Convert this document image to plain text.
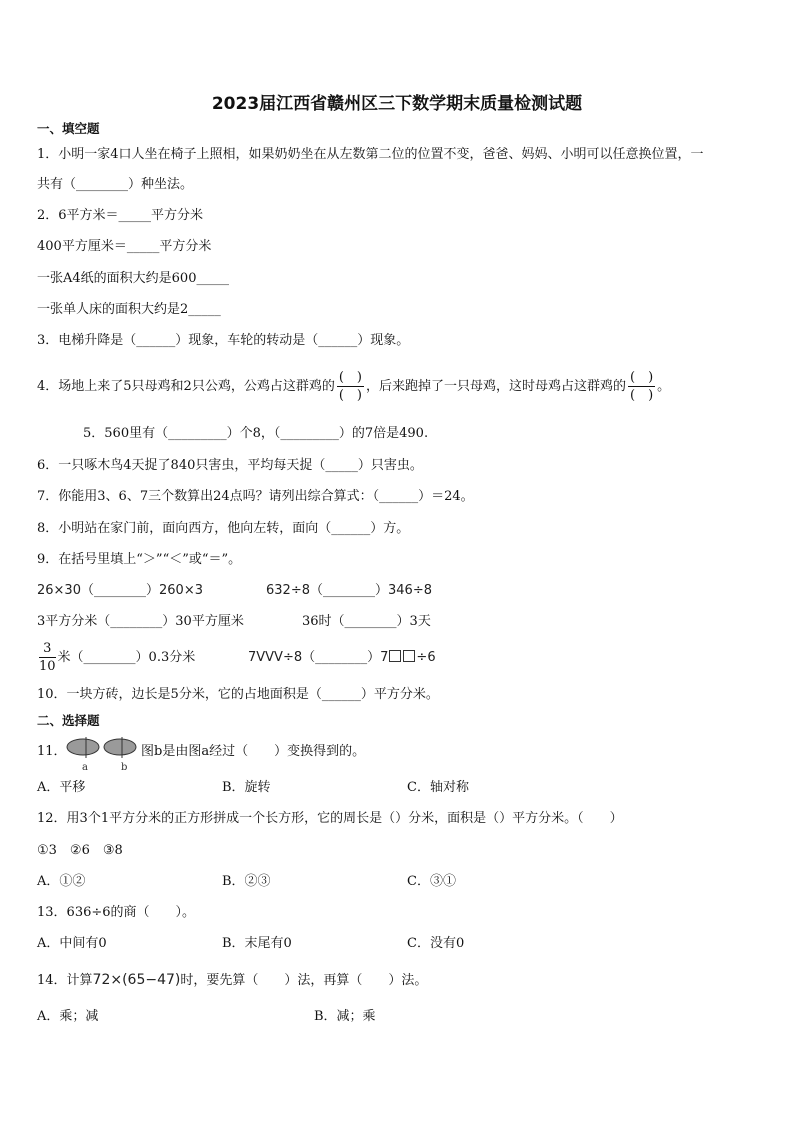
2023届江西省赣州区三下数学期末质量检测试题
一、填空题
1．小明一家4口人坐在椅子上照相，如果奶奶坐在从左数第二位的位置不变，爸爸、妈妈、小明可以任意换位置，一
共有（________）种坐法。
2．6平方米＝_____平方分米
400平方厘米＝_____平方分米
一张A4纸的面积大约是600_____
一张单人床的面积大约是2_____
3．电梯升降是（______）现象，车轮的转动是（______）现象。
4．场地上来了5只母鸡和2只公鸡，公鸡占这群鸡的 $\frac{( )}{( )}$ ，后来跑掉了一只母鸡，这时母鸡占这群鸡的 $\frac{( )}{( )}$ 。
5．560里有（_________）个8，（_________）的7倍是490.
6．一只啄木鸟4天捉了840只害虫，平均每天捉（_____）只害虫。
7．你能用3、6、7三个数算出24点吗？请列出综合算式：（______）＝24。
8．小明站在家门前，面向西方，他向左转，面向（______）方。
9．在括号里填上“＞”“＜”或“＝”。
26×30（________）260×3	632÷8（________）346÷8
3平方分米（________）30平方厘米	36时（________）3天
$\frac{3}{10}$ 米（________）0.3分米	7VVV÷8（________）7 ÷6
10．一块方砖，边长是5分米，它的占地面积是（______）平方分米。
二、选择题
11．
a	b
图b是由图a经过（　　）变换得到的。
A．平移	B．旋转	C．轴对称
12．用3个1平方分米的正方形拼成一个长方形，它的周长是（）分米，面积是（）平方分米。（　　）
①3　②6　③8
A．①②	B．②③	C．③①
13．636÷6的商（　　）。
A．中间有0	B．末尾有0	C．没有0
14．计算72×(65−47)时，要先算（　　）法，再算（　　）法。
A．乘；减	B．减；乘
